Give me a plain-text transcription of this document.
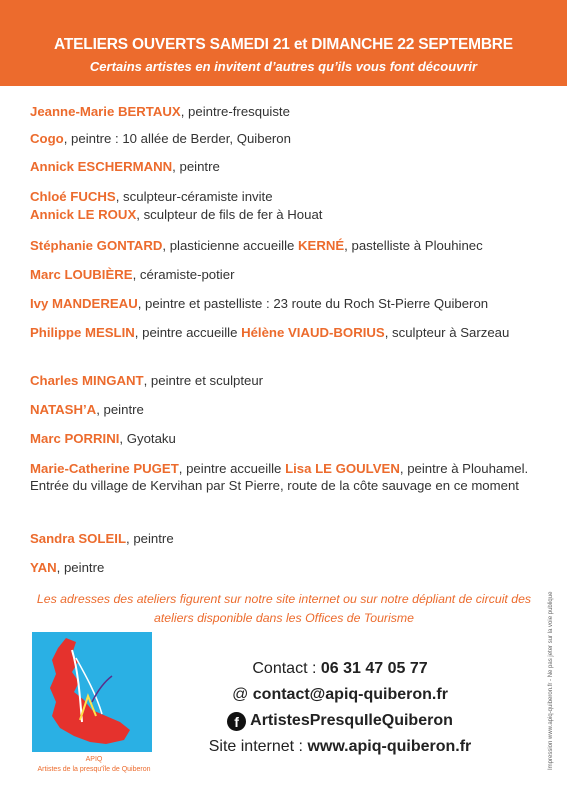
ATELIERS OUVERTS SAMEDI 21 et DIMANCHE 22 SEPTEMBRE
Certains artistes en invitent d’autres qu’ils vous font découvrir
Jeanne-Marie BERTAUX, peintre-fresquiste
Cogo, peintre : 10 allée de Berder, Quiberon
Annick ESCHERMANN, peintre
Chloé FUCHS, sculpteur-céramiste invite
Annick LE ROUX, sculpteur de fils de fer à Houat
Stéphanie GONTARD, plasticienne accueille KERNÉ, pastelliste à Plouhinec
Marc LOUBIÈRE, céramiste-potier
Ivy MANDEREAU, peintre et pastelliste : 23 route du Roch St-Pierre Quiberon
Philippe MESLIN, peintre accueille Hélène VIAUD-BORIUS, sculpteur à Sarzeau
Charles MINGANT, peintre et sculpteur
NATASH’A, peintre
Marc PORRINI, Gyotaku
Marie-Catherine PUGET, peintre accueille Lisa LE GOULVEN, peintre à Plouhamel. Entrée du village de Kervihan par St Pierre, route de la côte sauvage en ce moment
Sandra SOLEIL, peintre
YAN, peintre
Les adresses des ateliers figurent sur notre site internet ou sur notre dépliant de circuit des ateliers disponible dans les Offices de Tourisme
APIQ
Artistes de la presqu'île de Quiberon
Contact : 06 31 47 05 77
@ contact@apiq-quiberon.fr
f ArtistesPresquIleQuiberon
Site internet : www.apiq-quiberon.fr	Impression www.apiq-quiberon.fr - Ne pas jeter sur la voie publique
